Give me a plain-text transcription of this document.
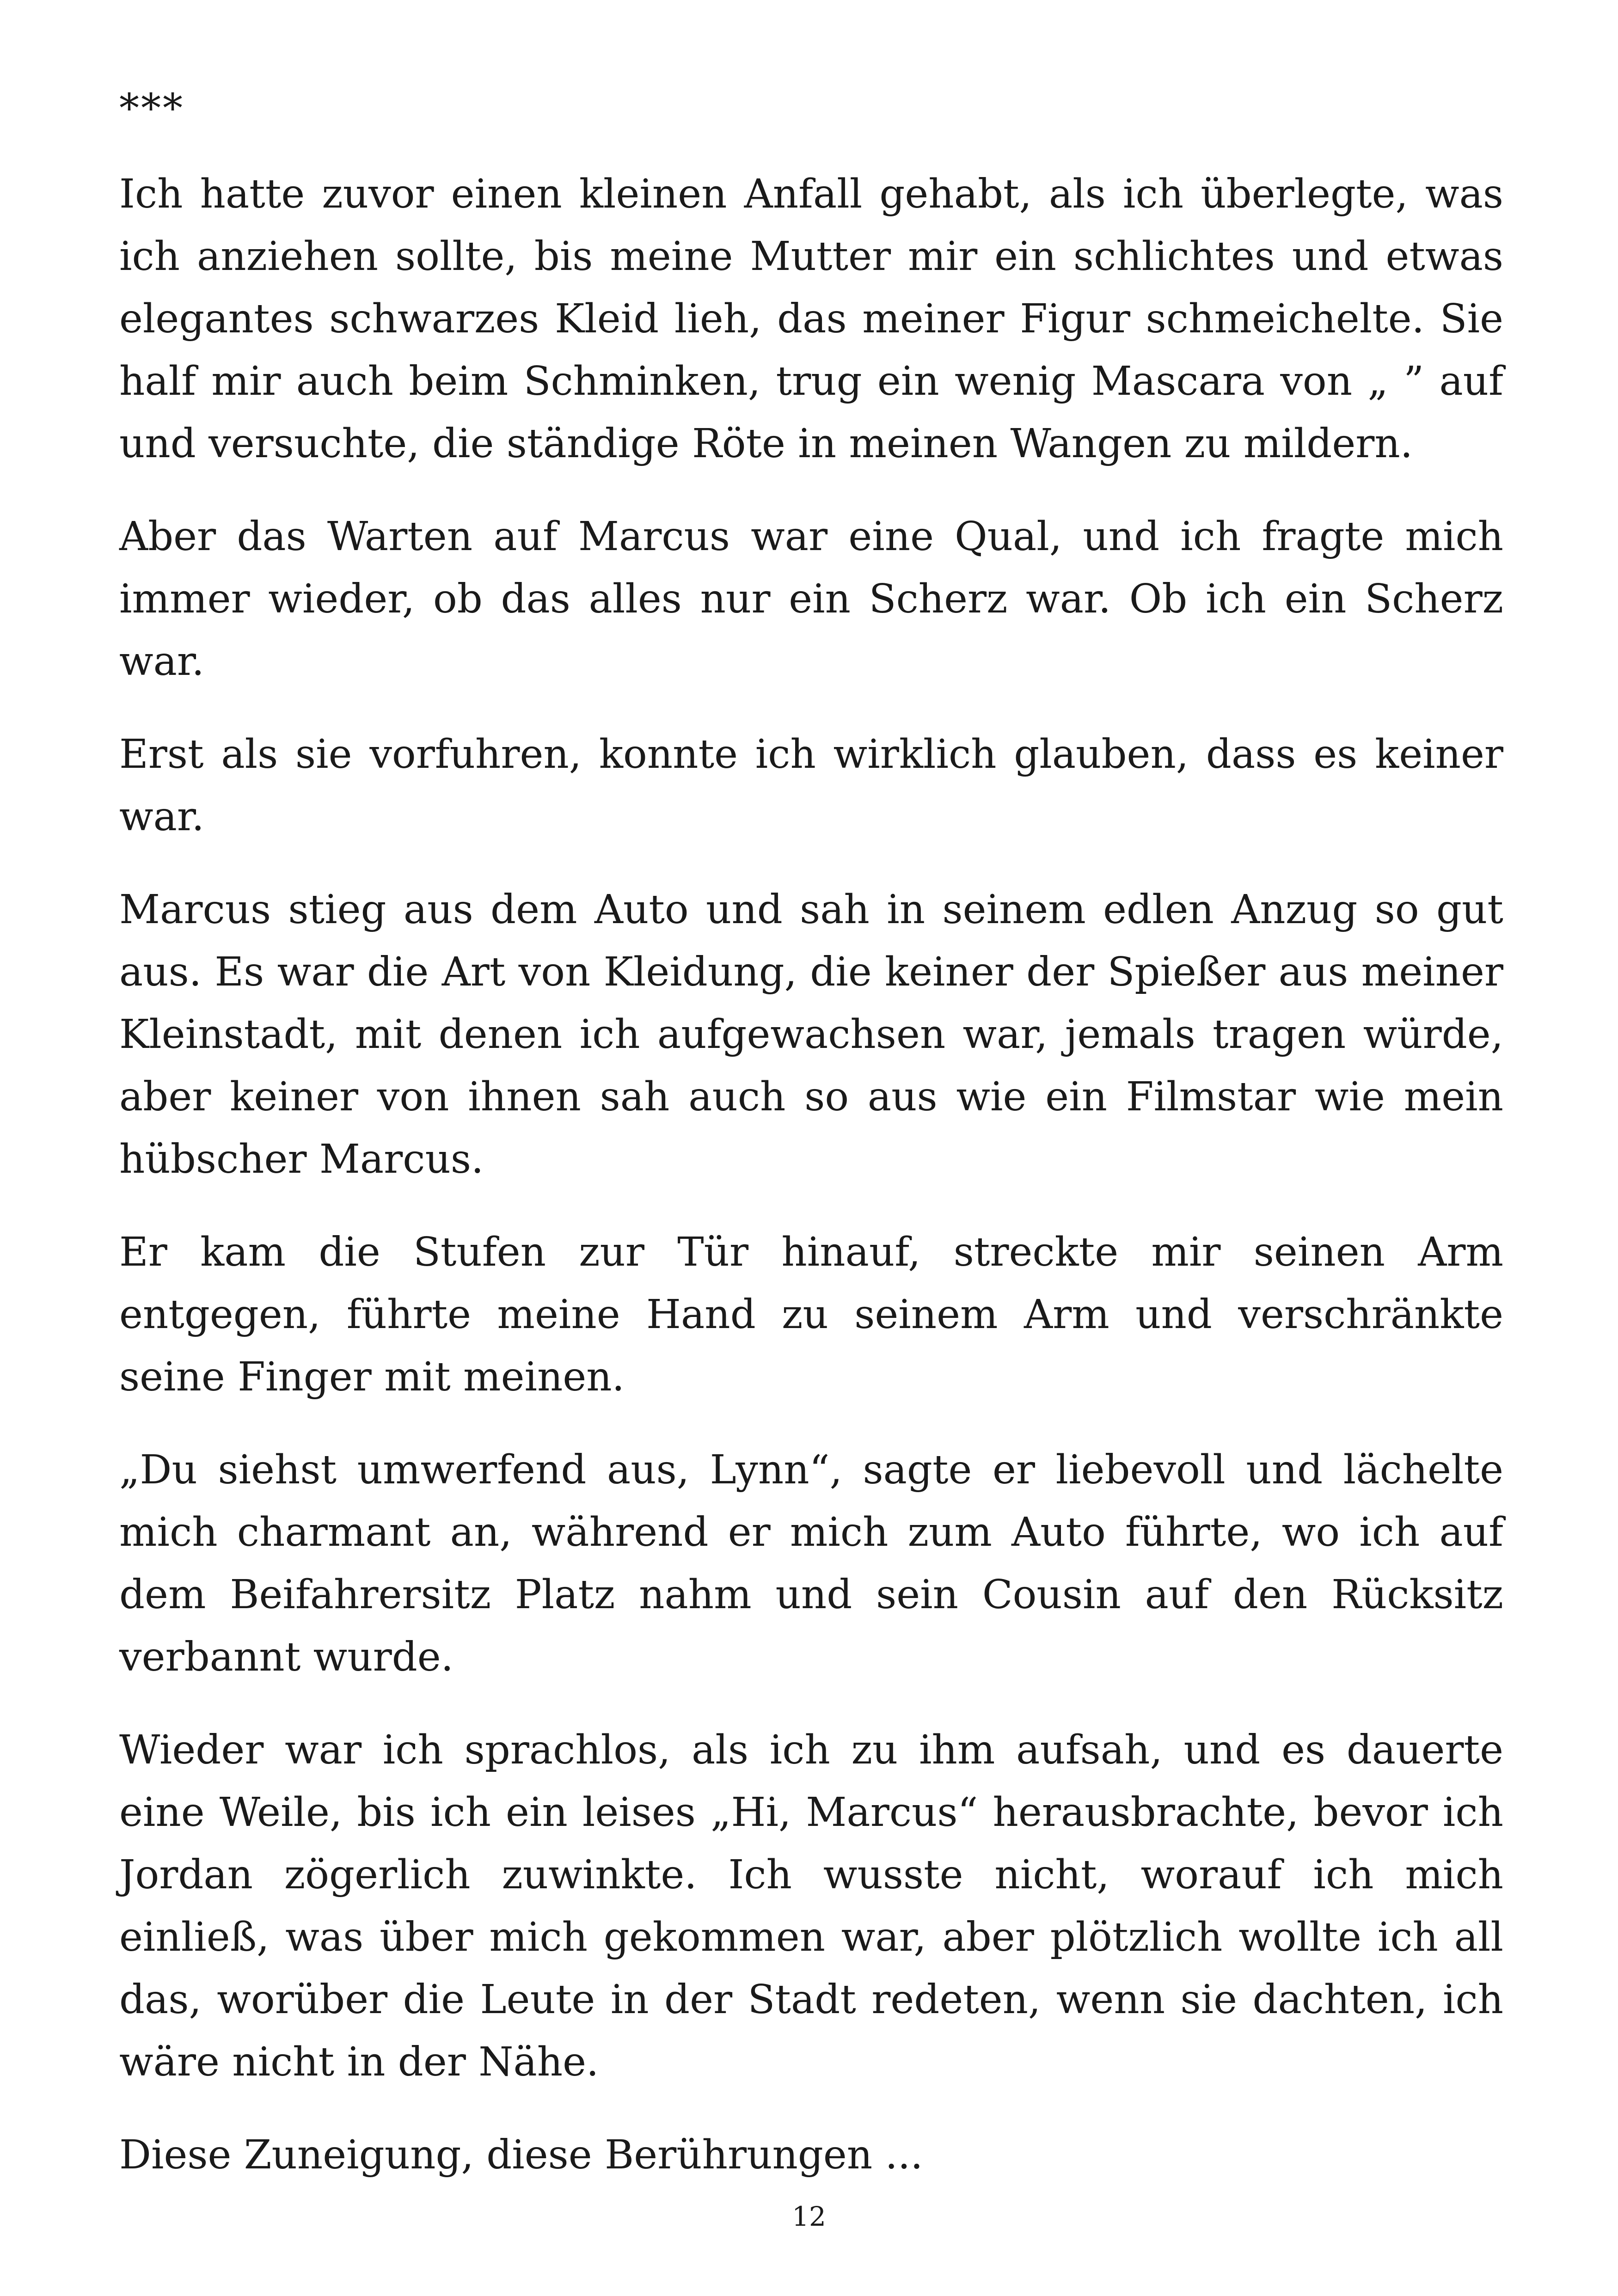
***

Ich hatte zuvor einen kleinen Anfall gehabt, als ich überlegte, was ich anziehen sollte, bis meine Mutter mir ein schlichtes und etwas elegantes schwarzes Kleid lieh, das meiner Figur schmeichelte. Sie half mir auch beim Schminken, trug ein wenig Mascara von „ ” auf und versuchte, die ständige Röte in meinen Wangen zu mildern.

Aber das Warten auf Marcus war eine Qual, und ich fragte mich immer wieder, ob das alles nur ein Scherz war. Ob ich ein Scherz war.

Erst als sie vorfuhren, konnte ich wirklich glauben, dass es keiner war.

Marcus stieg aus dem Auto und sah in seinem edlen Anzug so gut aus. Es war die Art von Kleidung, die keiner der Spießer aus meiner Kleinstadt, mit denen ich aufgewachsen war, jemals tragen würde, aber keiner von ihnen sah auch so aus wie ein Filmstar wie mein hübscher Marcus.

Er kam die Stufen zur Tür hinauf, streckte mir seinen Arm entgegen, führte meine Hand zu seinem Arm und verschränkte seine Finger mit meinen.

„Du siehst umwerfend aus, Lynn“, sagte er liebevoll und lächelte mich charmant an, während er mich zum Auto führte, wo ich auf dem Beifahrersitz Platz nahm und sein Cousin auf den Rücksitz verbannt wurde.

Wieder war ich sprachlos, als ich zu ihm aufsah, und es dauerte eine Weile, bis ich ein leises „Hi, Marcus“ herausbrachte, bevor ich Jordan zögerlich zuwinkte. Ich wusste nicht, worauf ich mich einließ, was über mich gekommen war, aber plötzlich wollte ich all das, worüber die Leute in der Stadt redeten, wenn sie dachten, ich wäre nicht in der Nähe.

Diese Zuneigung, diese Berührungen ...

12
